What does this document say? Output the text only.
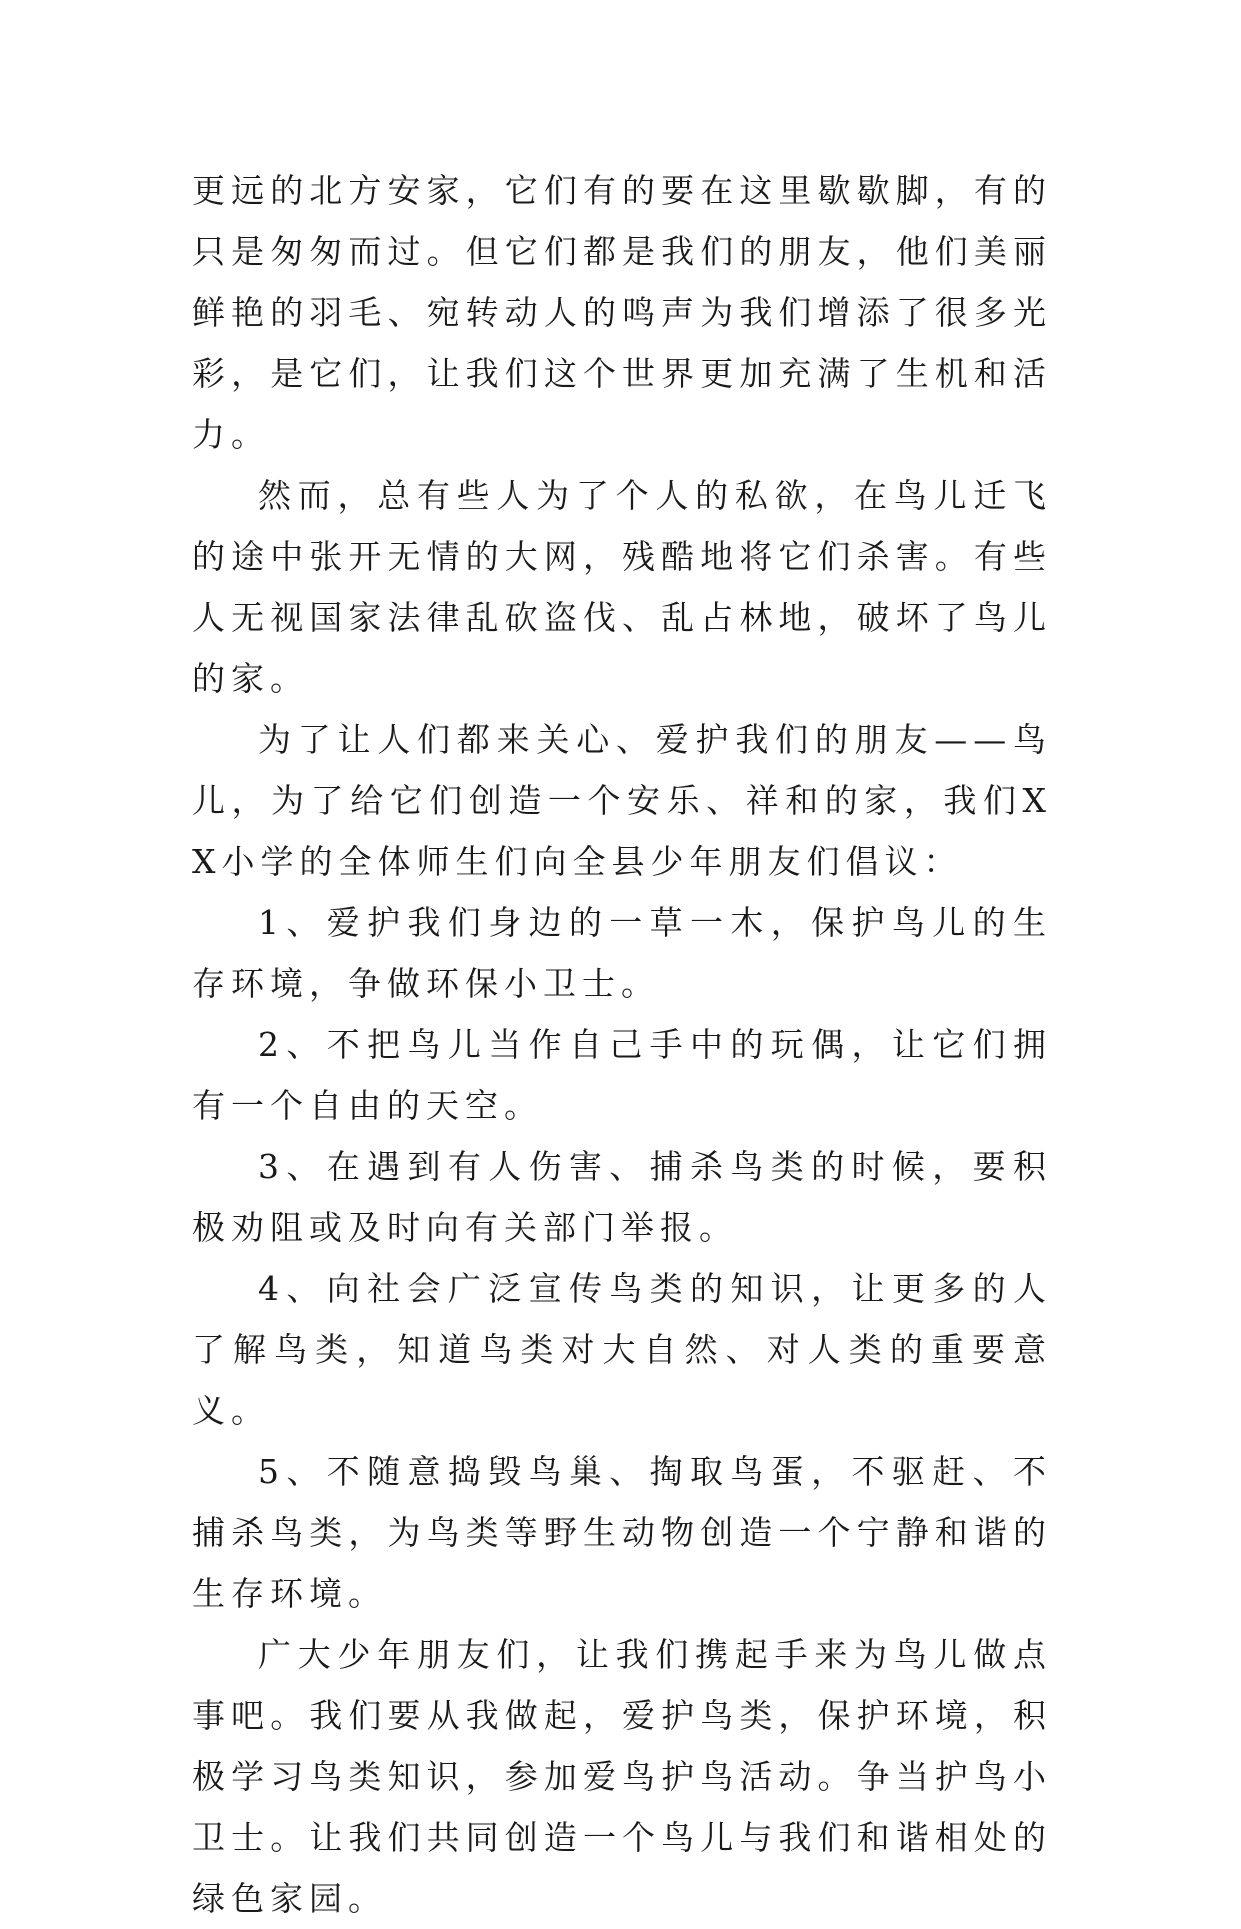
更远的北方安家，它们有的要在这里歇歇脚，有的只是匆匆而过。但它们都是我们的朋友，他们美丽鲜艳的羽毛、宛转动人的鸣声为我们增添了很多光彩，是它们，让我们这个世界更加充满了生机和活力。

然而，总有些人为了个人的私欲，在鸟儿迁飞的途中张开无情的大网，残酷地将它们杀害。有些人无视国家法律乱砍盗伐、乱占林地，破坏了鸟儿的家。

为了让人们都来关心、爱护我们的朋友——鸟儿，为了给它们创造一个安乐、祥和的家，我们XX小学的全体师生们向全县少年朋友们倡议：

1、爱护我们身边的一草一木，保护鸟儿的生存环境，争做环保小卫士。

2、不把鸟儿当作自己手中的玩偶，让它们拥有一个自由的天空。

3、在遇到有人伤害、捕杀鸟类的时候，要积极劝阻或及时向有关部门举报。

4、向社会广泛宣传鸟类的知识，让更多的人了解鸟类，知道鸟类对大自然、对人类的重要意义。

5、不随意捣毁鸟巢、掏取鸟蛋，不驱赶、不捕杀鸟类，为鸟类等野生动物创造一个宁静和谐的生存环境。

广大少年朋友们，让我们携起手来为鸟儿做点事吧。我们要从我做起，爱护鸟类，保护环境，积极学习鸟类知识，参加爱鸟护鸟活动。争当护鸟小卫士。让我们共同创造一个鸟儿与我们和谐相处的绿色家园。
